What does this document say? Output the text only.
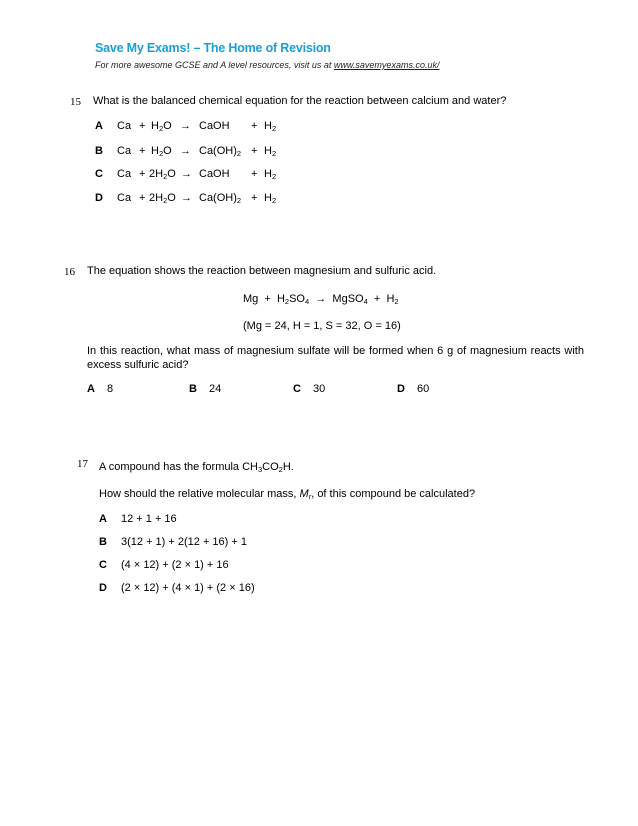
Save My Exams! – The Home of Revision
For more awesome GCSE and A level resources, visit us at www.savemyexams.co.uk/
15 What is the balanced chemical equation for the reaction between calcium and water?
A $Ca + H_2O$ → CaOH + $H_2$
B $Ca + H_2O \to Ca(OH)_2 + H_2$
C $Ca + 2H_2O$ → CaOH + $H_2$
D $Ca + 2H_2O \to Ca(OH)_2 + H_2$
16 The equation shows the reaction between magnesium and sulfuric acid.
$Mg + H_2SO_4$ → MgSO$_4$ + $H_2$
(Mg = 24, H = 1, S = 32, O = 16)
In this reaction, what mass of magnesium sulfate will be formed when 6 g of magnesium reacts with excess sulfuric acid?
A 8	B 24	C 30	D 60
17 A compound has the formula $CH_3CO_2H$.
How should the relative molecular mass, $M_r$, of this compound be calculated?
A 12 + 1 + 16
B 3(12 + 1) + 2(12 + 16) + 1
C (4 × 12) + (2 × 1) + 16
D (2 × 12) + (4 × 1) + (2 × 16)
